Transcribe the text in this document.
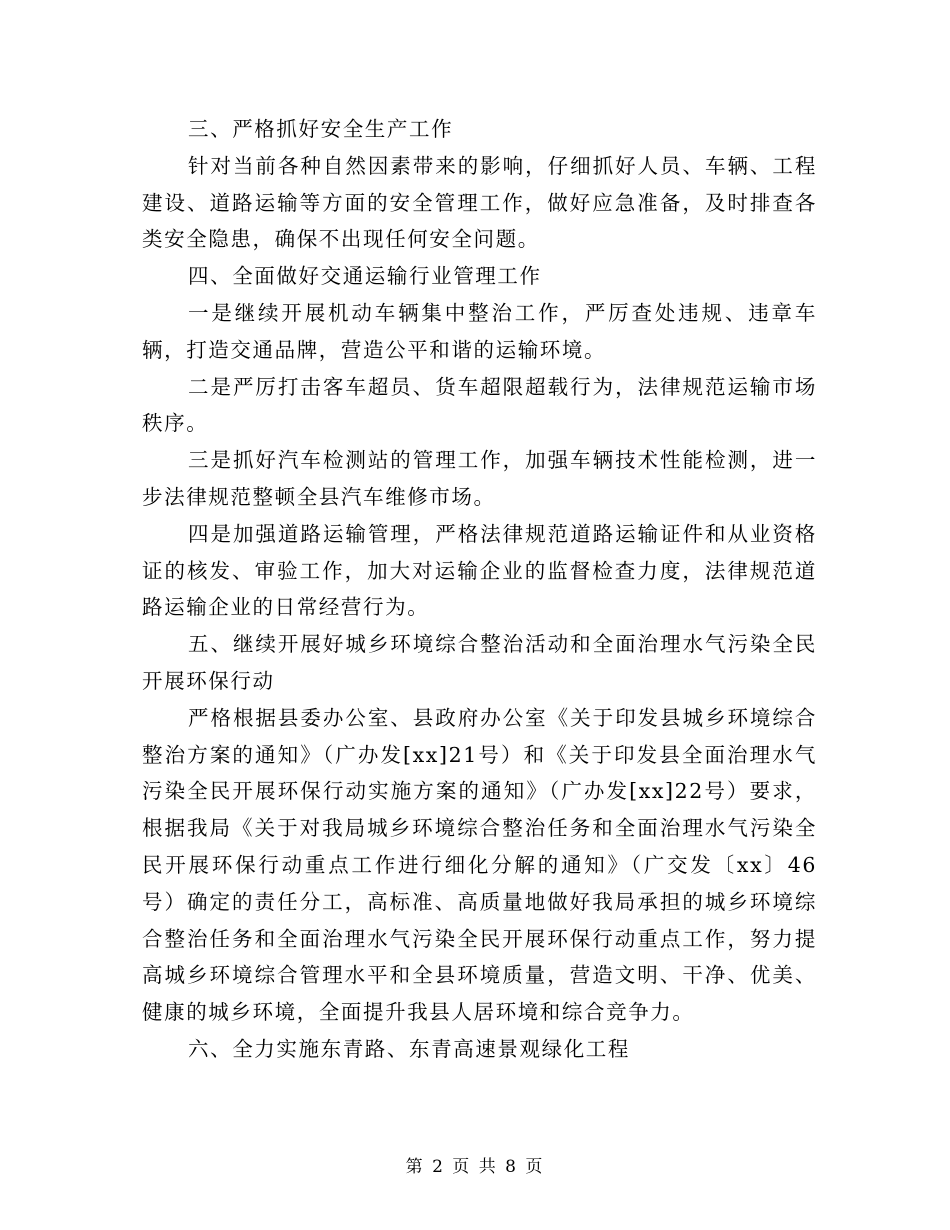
三、严格抓好安全生产工作

针对当前各种自然因素带来的影响，仔细抓好人员、车辆、工程建设、道路运输等方面的安全管理工作，做好应急准备，及时排查各类安全隐患，确保不出现任何安全问题。

四、全面做好交通运输行业管理工作

一是继续开展机动车辆集中整治工作，严厉查处违规、违章车辆，打造交通品牌，营造公平和谐的运输环境。

二是严厉打击客车超员、货车超限超载行为，法律规范运输市场秩序。

三是抓好汽车检测站的管理工作，加强车辆技术性能检测，进一步法律规范整顿全县汽车维修市场。

四是加强道路运输管理，严格法律规范道路运输证件和从业资格证的核发、审验工作，加大对运输企业的监督检查力度，法律规范道路运输企业的日常经营行为。

五、继续开展好城乡环境综合整治活动和全面治理水气污染全民开展环保行动

严格根据县委办公室、县政府办公室《关于印发县城乡环境综合整治方案的通知》（广办发[xx]21号）和《关于印发县全面治理水气污染全民开展环保行动实施方案的通知》（广办发[xx]22号）要求，根据我局《关于对我局城乡环境综合整治任务和全面治理水气污染全民开展环保行动重点工作进行细化分解的通知》（广交发〔xx〕46号）确定的责任分工，高标准、高质量地做好我局承担的城乡环境综合整治任务和全面治理水气污染全民开展环保行动重点工作，努力提高城乡环境综合管理水平和全县环境质量，营造文明、干净、优美、健康的城乡环境，全面提升我县人居环境和综合竞争力。

六、全力实施东青路、东青高速景观绿化工程

第 2 页 共 8 页
